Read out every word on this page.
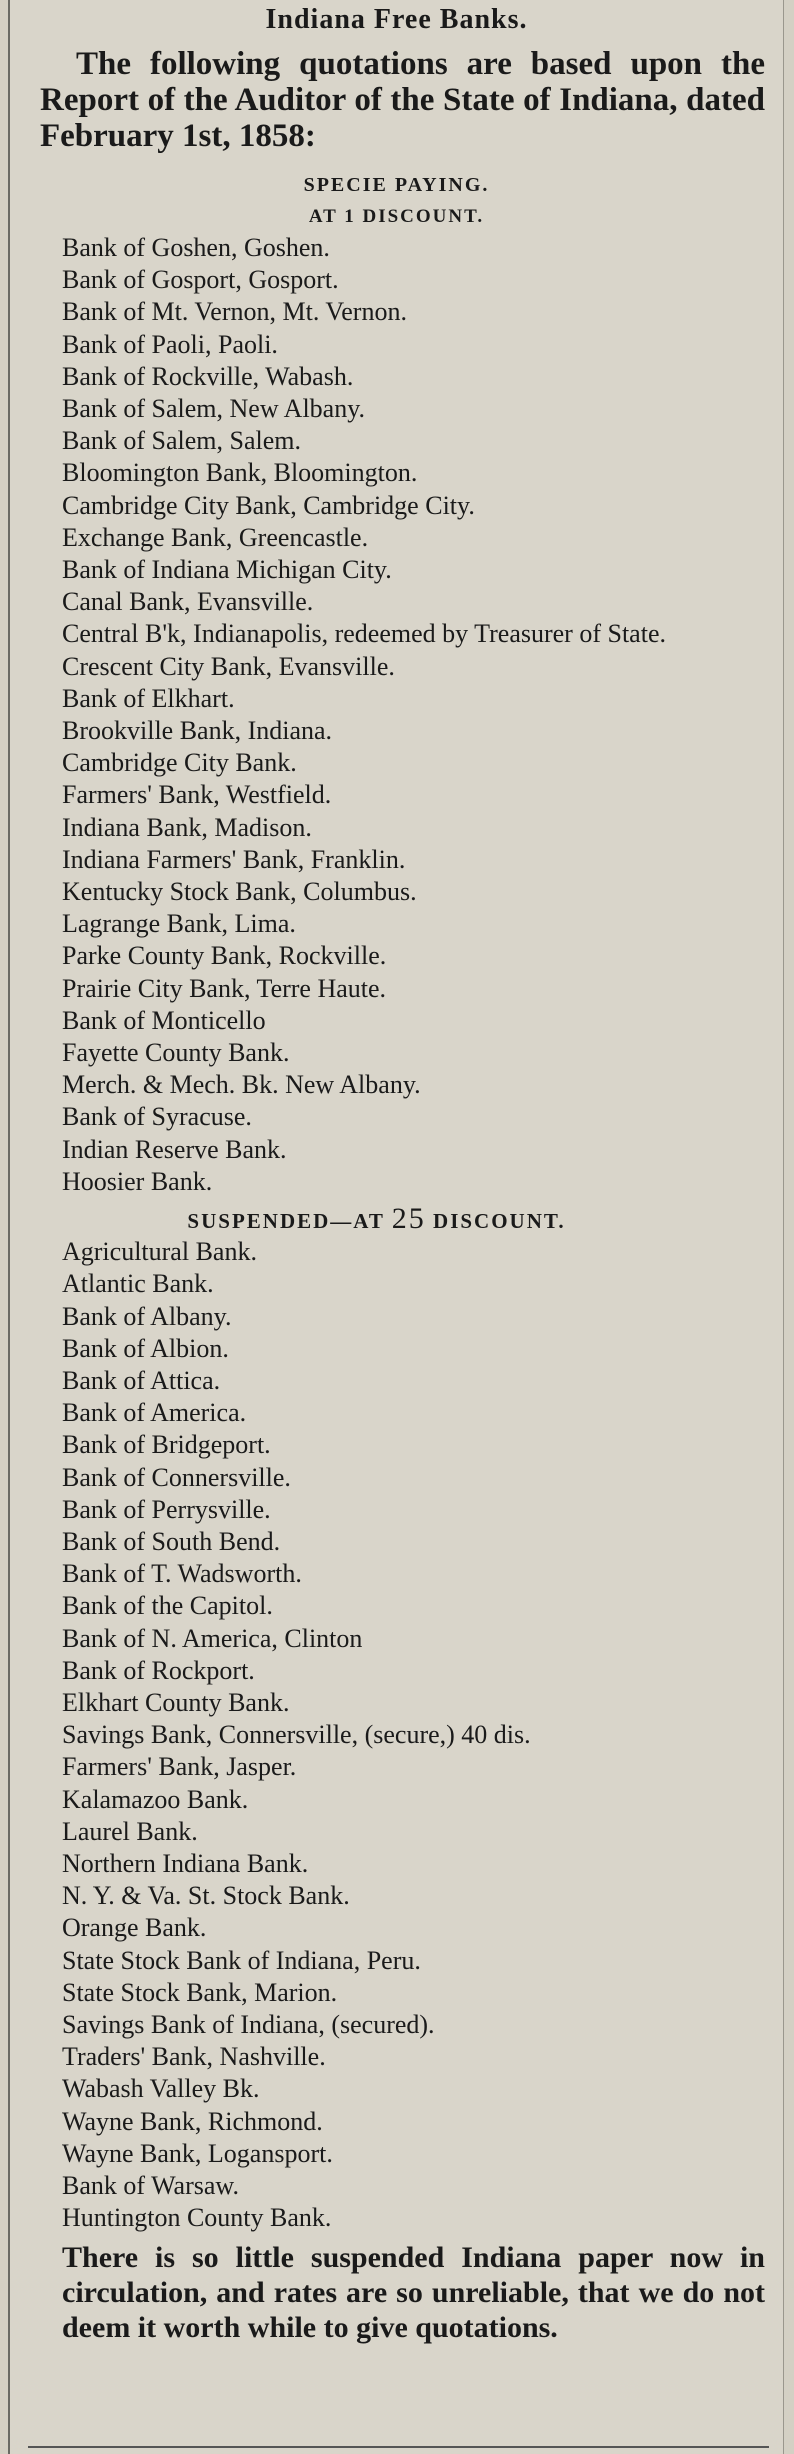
Indiana Free Banks.

The following quotations are based upon the Report of the Auditor of the State of Indiana, dated February 1st, 1858:

SPECIE PAYING.

AT 1 DISCOUNT.

Bank of Goshen, Goshen.
Bank of Gosport, Gosport.
Bank of Mt. Vernon, Mt. Vernon.
Bank of Paoli, Paoli.
Bank of Rockville, Wabash.
Bank of Salem, New Albany.
Bank of Salem, Salem.
Bloomington Bank, Bloomington.
Cambridge City Bank, Cambridge City.
Exchange Bank, Greencastle.
Bank of Indiana Michigan City.
Canal Bank, Evansville.
Central B'k, Indianapolis, redeemed by Treasurer of State.
Crescent City Bank, Evansville.
Bank of Elkhart.
Brookville Bank, Indiana.
Cambridge City Bank.
Farmers' Bank, Westfield.
Indiana Bank, Madison.
Indiana Farmers' Bank, Franklin.
Kentucky Stock Bank, Columbus.
Lagrange Bank, Lima.
Parke County Bank, Rockville.
Prairie City Bank, Terre Haute.
Bank of Monticello
Fayette County Bank.
Merch. & Mech. Bk. New Albany.
Bank of Syracuse.
Indian Reserve Bank.
Hoosier Bank.

SUSPENDED—AT 25 DISCOUNT.

Agricultural Bank.
Atlantic Bank.
Bank of Albany.
Bank of Albion.
Bank of Attica.
Bank of America.
Bank of Bridgeport.
Bank of Connersville.
Bank of Perrysville.
Bank of South Bend.
Bank of T. Wadsworth.
Bank of the Capitol.
Bank of N. America, Clinton
Bank of Rockport.
Elkhart County Bank.
Savings Bank, Connersville, (secure,) 40 dis.
Farmers' Bank, Jasper.
Kalamazoo Bank.
Laurel Bank.
Northern Indiana Bank.
N. Y. & Va. St. Stock Bank.
Orange Bank.
State Stock Bank of Indiana, Peru.
State Stock Bank, Marion.
Savings Bank of Indiana, (secured).
Traders' Bank, Nashville.
Wabash Valley Bk.
Wayne Bank, Richmond.
Wayne Bank, Logansport.
Bank of Warsaw.
Huntington County Bank.

There is so little suspended Indiana paper now in circulation, and rates are so unreliable, that we do not deem it worth while to give quotations.
